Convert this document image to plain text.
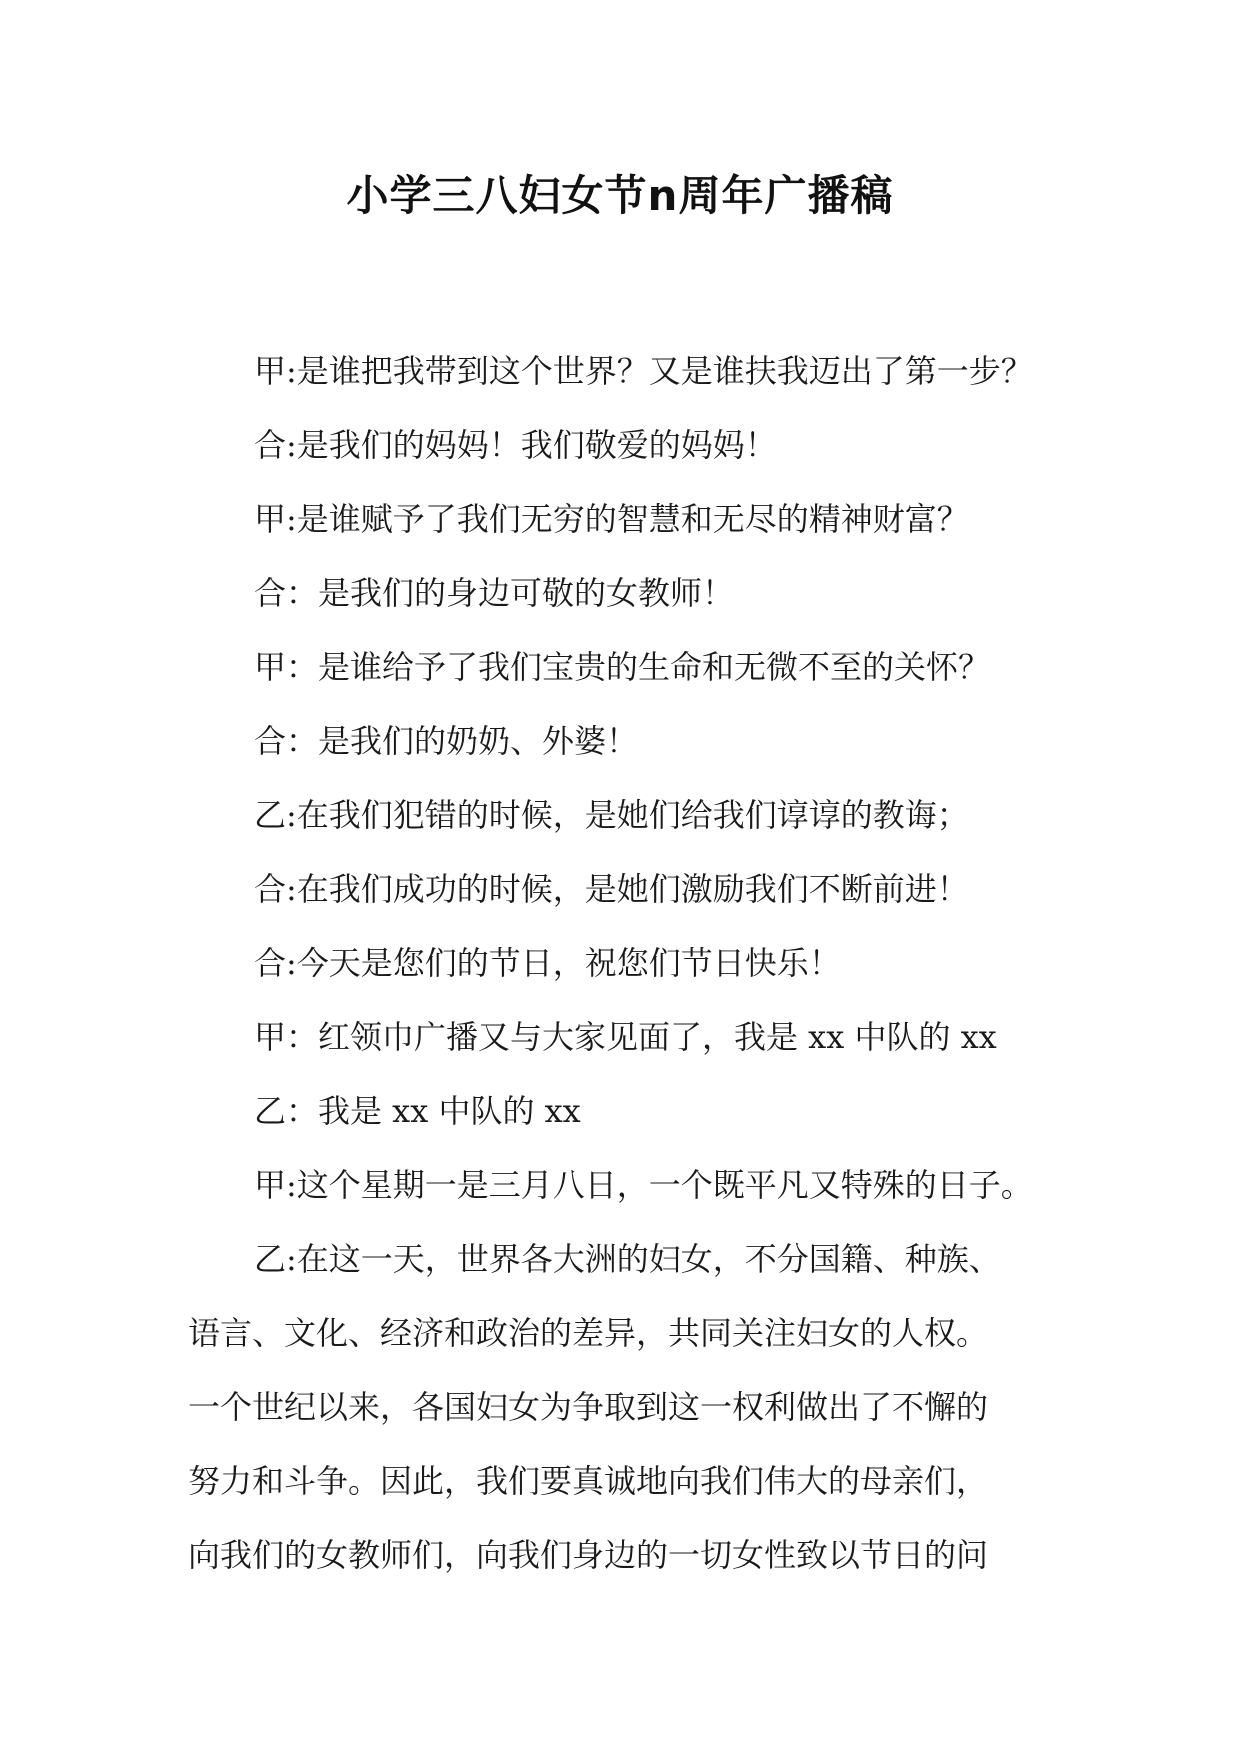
小学三八妇女节n周年广播稿

甲:是谁把我带到这个世界？又是谁扶我迈出了第一步？

合:是我们的妈妈！我们敬爱的妈妈！

甲:是谁赋予了我们无穷的智慧和无尽的精神财富？

合：是我们的身边可敬的女教师！

甲：是谁给予了我们宝贵的生命和无微不至的关怀？

合：是我们的奶奶、外婆！

乙:在我们犯错的时候，是她们给我们谆谆的教诲；

合:在我们成功的时候，是她们激励我们不断前进！

合:今天是您们的节日，祝您们节日快乐！

甲：红领巾广播又与大家见面了，我是 xx 中队的 xx

乙：我是 xx 中队的 xx

甲:这个星期一是三月八日，一个既平凡又特殊的日子。

乙:在这一天，世界各大洲的妇女，不分国籍、种族、

语言、文化、经济和政治的差异，共同关注妇女的人权。

一个世纪以来，各国妇女为争取到这一权利做出了不懈的

努力和斗争。因此，我们要真诚地向我们伟大的母亲们，

向我们的女教师们，向我们身边的一切女性致以节日的问
